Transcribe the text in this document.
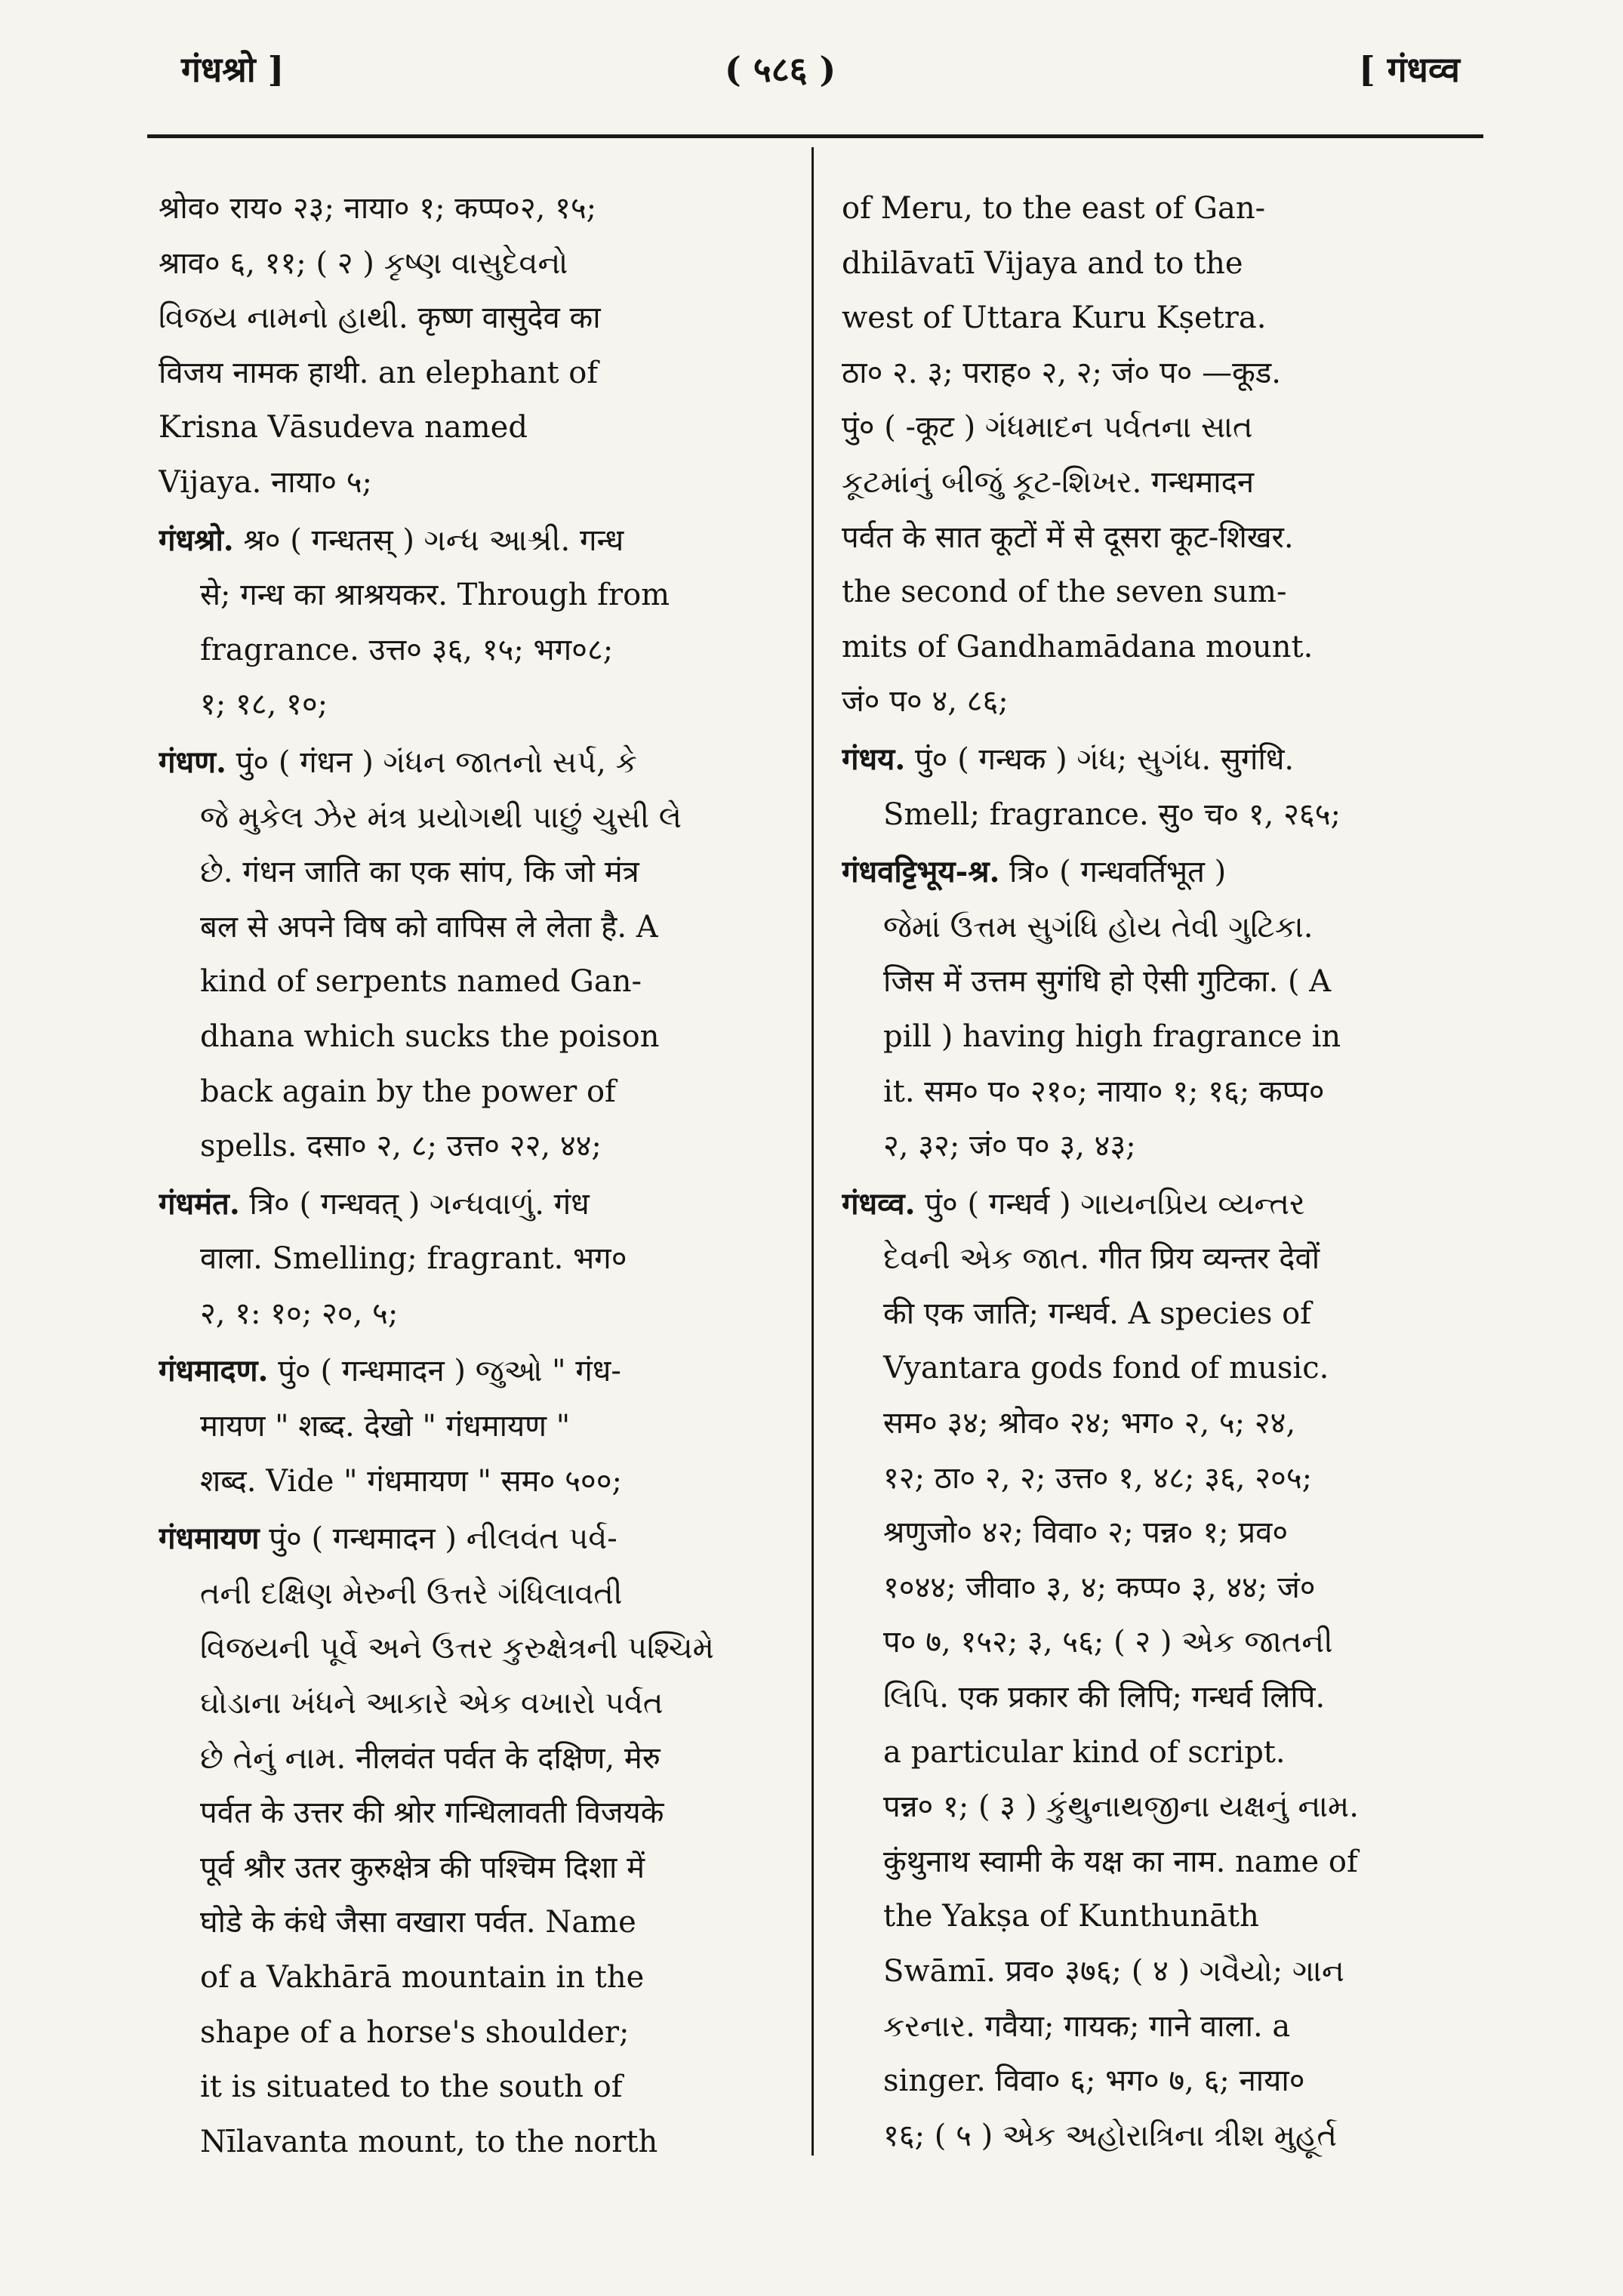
गंधश्रो ]	( ५८६ )	[ गंधव्व
श्रोव० राय० २३; नाया० १; कप्प०२, १५;
श्राव० ६, ११; ( २ ) કૃષ્ણ વાસુદેવનો
વિજય નામનો હાથી. कृष्ण वासुदेव का
विजय नामक हाथी. an elephant of
Krisna Vāsudeva named
Vijaya. नाया० ५;
गंधश्रो. श्र० ( गन्धतस् ) ગન્ધ આશ્રી. गन्ध
से; गन्ध का श्राश्रयकर. Through from
fragrance. उत्त० ३६, १५; भग०८;
१; १८, १०;
गंधण. पुं० ( गंधन ) ગંધન જાતનો સર્પ, કે
જે મુકેલ ઝેર મંત્ર પ્રયોગથી પાછું ચુસી લે
છે. गंधन जाति का एक सांप, कि जो मंत्र
बल से अपने विष को वापिस ले लेता है. A
kind of serpents named Gan-
dhana which sucks the poison
back again by the power of
spells. दसा० २, ८; उत्त० २२, ४४;
गंधमंत. त्रि० ( गन्धवत् ) ગન્ધવાળું. गंध
वाला. Smelling; fragrant. भग०
२, १: १०; २०, ५;
गंधमादण. पुं० ( गन्धमादन ) જુઓ " गंध-
मायण " शब्द. देखो " गंधमायण "
शब्द. Vide " गंधमायण " सम० ५००;
गंधमायण पुं० ( गन्धमादन ) નીલવંત પર્વ-
તની દક્ષિણ મેરુની ઉત્તરે ગંધિલાવતી
વિજયની પૂર્વે અને ઉત્તર કુરુક્ષેત્રની પશ્ચિમે
ઘોડાના ખંધને આકારે એક વખારો પર્વત
છે તેનું નામ. नीलवंत पर्वत के दक्षिण, मेरु
पर्वत के उत्तर की श्रोर गन्धिलावती विजयके
पूर्व श्रौर उतर कुरुक्षेत्र की पश्चिम दिशा में
घोडे के कंधे जैसा वखारा पर्वत. Name
of a Vakhārā mountain in the
shape of a horse's shoulder;
it is situated to the south of
Nīlavanta mount, to the north
of Meru, to the east of Gan-
dhilāvatī Vijaya and to the
west of Uttara Kuru Kṣetra.
ठा० २. ३; पराह० २, २; जं० प० —कूड.
पुं० ( -कूट ) ગંધમાદન પર્વતના સાત
કૂટમાંનું બીજું કૂટ-શિખર. गन्धमादन
पर्वत के सात कूटों में से दूसरा कूट-शिखर.
the second of the seven sum-
mits of Gandhamādana mount.
जं० प० ४, ८६;
गंधय. पुं० ( गन्धक ) ગંધ; સુગંધ. सुगंधि.
Smell; fragrance. सु० च० १, २६५;
गंधवट्टिभूय-श्र. त्रि० ( गन्धवर्तिभूत )
જેમાં ઉત્તમ સુગંધિ હોય તેવી ગુટિકા.
जिस में उत्तम सुगंधि हो ऐसी गुटिका. ( A
pill ) having high fragrance in
it. सम० प० २१०; नाया० १; १६; कप्प०
२, ३२; जं० प० ३, ४३;
गंधव्व. पुं० ( गन्धर्व ) ગાયનપ્રિય વ્યન્તર
દેવની એક જાત. गीत प्रिय व्यन्तर देवों
की एक जाति; गन्धर्व. A species of
Vyantara gods fond of music.
सम० ३४; श्रोव० २४; भग० २, ५; २४,
१२; ठा० २, २; उत्त० १, ४८; ३६, २०५;
श्रणुजो० ४२; विवा० २; पन्न० १; प्रव०
१०४४; जीवा० ३, ४; कप्प० ३, ४४; जं०
प० ७, १५२; ३, ५६; ( २ ) એક જાતની
લિપિ. एक प्रकार की लिपि; गन्धर्व लिपि.
a particular kind of script.
पन्न० १; ( ३ ) કુંથુનાથજીના યક્ષનું નામ.
कुंथुनाथ स्वामी के यक्ष का नाम. name of
the Yakṣa of Kunthunāth
Swāmī. प्रव० ३७६; ( ४ ) ગવૈયો; ગાન
કરનાર. गवैया; गायक; गाने वाला. a
singer. विवा० ६; भग० ७, ६; नाया०
१६; ( ५ ) એક અહોરાત્રિના ત્રીશ મુહૂર્ત
